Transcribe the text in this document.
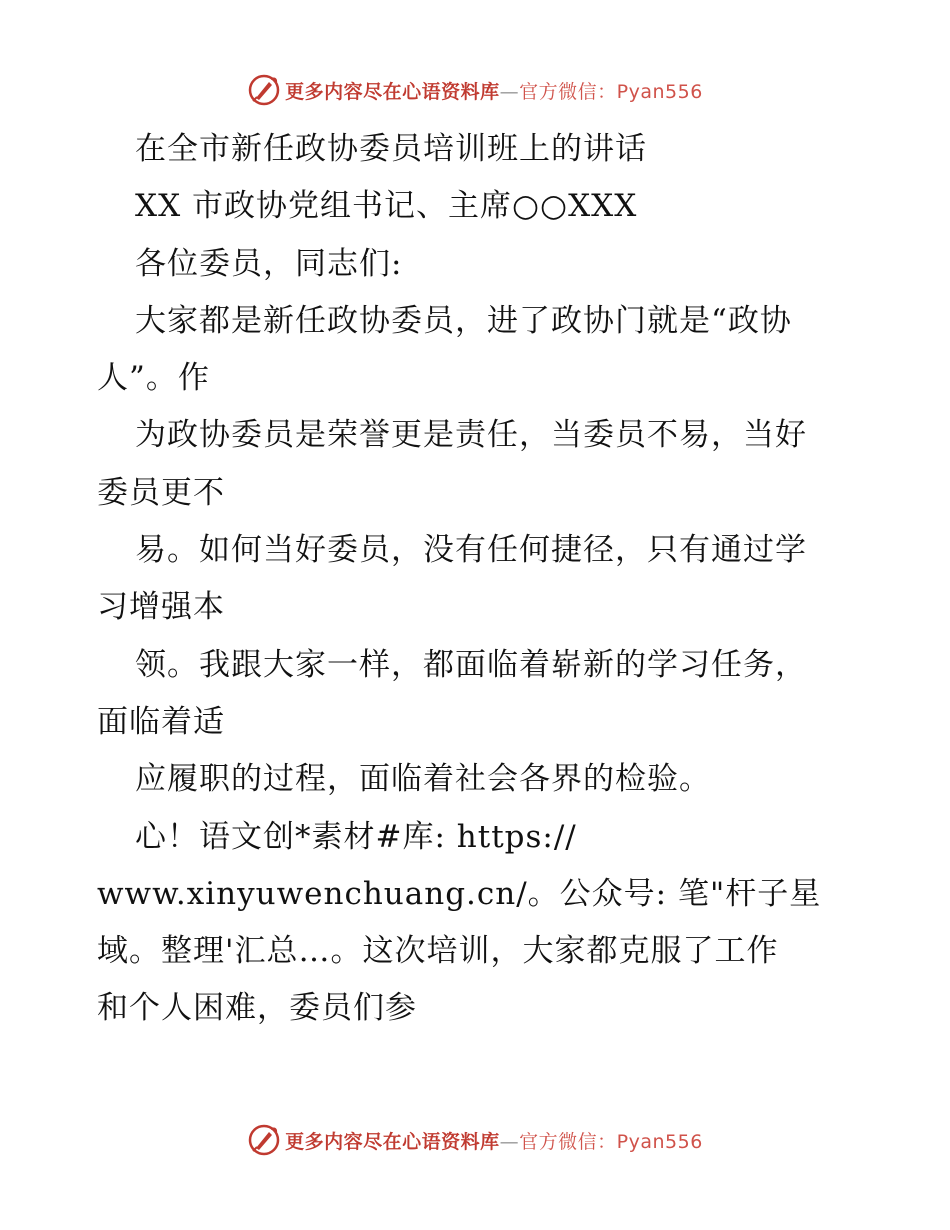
更多内容尽在心语资料库—官方微信：Pyan556
在全市新任政协委员培训班上的讲话
XX 市政协党组书记、主席○○XXX
各位委员，同志们:
大家都是新任政协委员，进了政协门就是“政协
人”。作
为政协委员是荣誉更是责任，当委员不易，当好
委员更不
易。如何当好委员，没有任何捷径，只有通过学
习增强本
领。我跟大家一样，都面临着崭新的学习任务，
面临着适
应履职的过程，面临着社会各界的检验。
心！语文创*素材#库: https://
www.xinyuwenchuang.cn/。公众号: 笔"杆子星
域。整理'汇总…。这次培训，大家都克服了工作
和个人困难，委员们参
更多内容尽在心语资料库—官方微信：Pyan556
